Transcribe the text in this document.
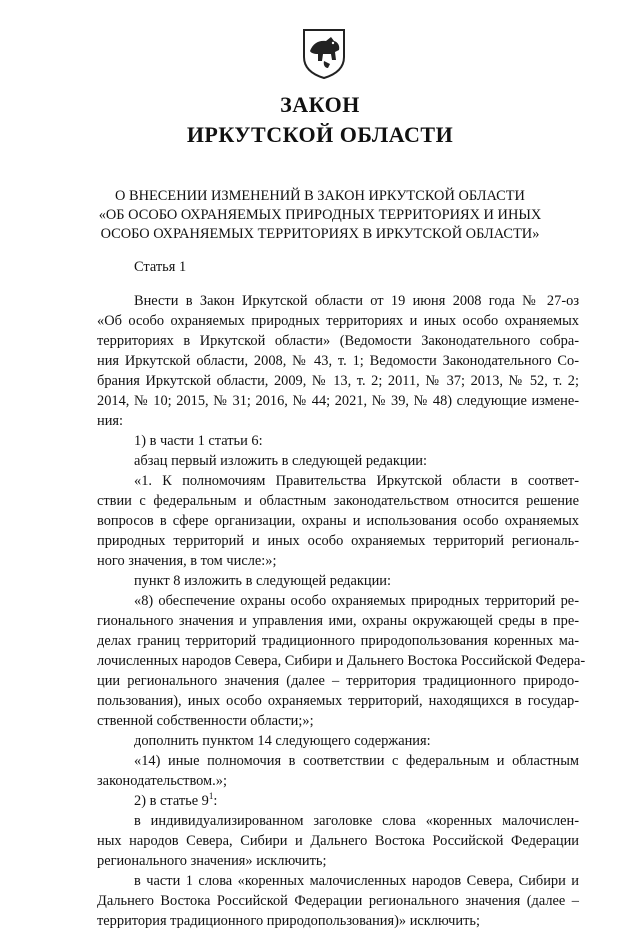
ЗАКОН
ИРКУТСКОЙ ОБЛАСТИ
О ВНЕСЕНИИ ИЗМЕНЕНИЙ В ЗАКОН ИРКУТСКОЙ ОБЛАСТИ
«ОБ ОСОБО ОХРАНЯЕМЫХ ПРИРОДНЫХ ТЕРРИТОРИЯХ И ИНЫХ
ОСОБО ОХРАНЯЕМЫХ ТЕРРИТОРИЯХ В ИРКУТСКОЙ ОБЛАСТИ»
Статья 1
Внести в Закон Иркутской области от 19 июня 2008 года № 27-оз
«Об особо охраняемых природных территориях и иных особо охраняемых
территориях в Иркутской области» (Ведомости Законодательного собра-
ния Иркутской области, 2008, № 43, т. 1; Ведомости Законодательного Со-
брания Иркутской области, 2009, № 13, т. 2; 2011, № 37; 2013, № 52, т. 2;
2014, № 10; 2015, № 31; 2016, № 44; 2021, № 39, № 48) следующие измене-
ния:
1) в части 1 статьи 6:
абзац первый изложить в следующей редакции:
«1. К полномочиям Правительства Иркутской области в соответ-
ствии с федеральным и областным законодательством относится решение
вопросов в сфере организации, охраны и использования особо охраняемых
природных территорий и иных особо охраняемых территорий региональ-
ного значения, в том числе:»;
пункт 8 изложить в следующей редакции:
«8) обеспечение охраны особо охраняемых природных территорий ре-
гионального значения и управления ими, охраны окружающей среды в пре-
делах границ территорий традиционного природопользования коренных ма-
лочисленных народов Севера, Сибири и Дальнего Востока Российской Федера-
ции регионального значения (далее – территория традиционного природо-
пользования), иных особо охраняемых территорий, находящихся в государ-
ственной собственности области;»;
дополнить пунктом 14 следующего содержания:
«14) иные полномочия в соответствии с федеральным и областным
законодательством.»;
2) в статье $9^1$:
в индивидуализированном заголовке слова «коренных малочислен-
ных народов Севера, Сибири и Дальнего Востока Российской Федерации
регионального значения» исключить;
в части 1 слова «коренных малочисленных народов Севера, Сибири и
Дальнего Востока Российской Федерации регионального значения (далее –
территория традиционного природопользования)» исключить;
